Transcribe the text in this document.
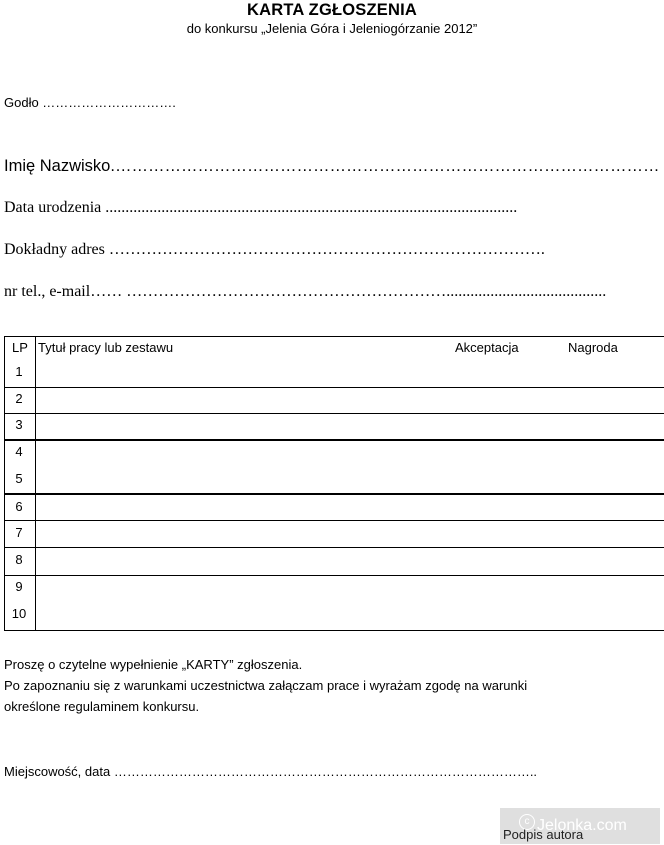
KARTA ZGŁOSZENIA
do konkursu „Jelenia Góra i Jeleniogórzanie 2012”
Godło ………………………….
Imię Nazwisko.………………………………………………………………………………………
Data urodzenia .......................................................................................................
Dokładny adres ……………………………………………………………………….
nr tel., e-mail…… ……………………………………………………........................................
LP Tytuł pracy lub zestawu	Akceptacja	Nagroda
1
2
3
4
5
6
7
8
9
10
Proszę o czytelne wypełnienie „KARTY” zgłoszenia.
Po zapoznaniu się z warunkami uczestnictwa załączam prace i wyrażam zgodę na warunki
określone regulaminem konkursu.
Miejscowość, data ……………………………………………………………………………………..
c Jelonka.com
Podpis autora
